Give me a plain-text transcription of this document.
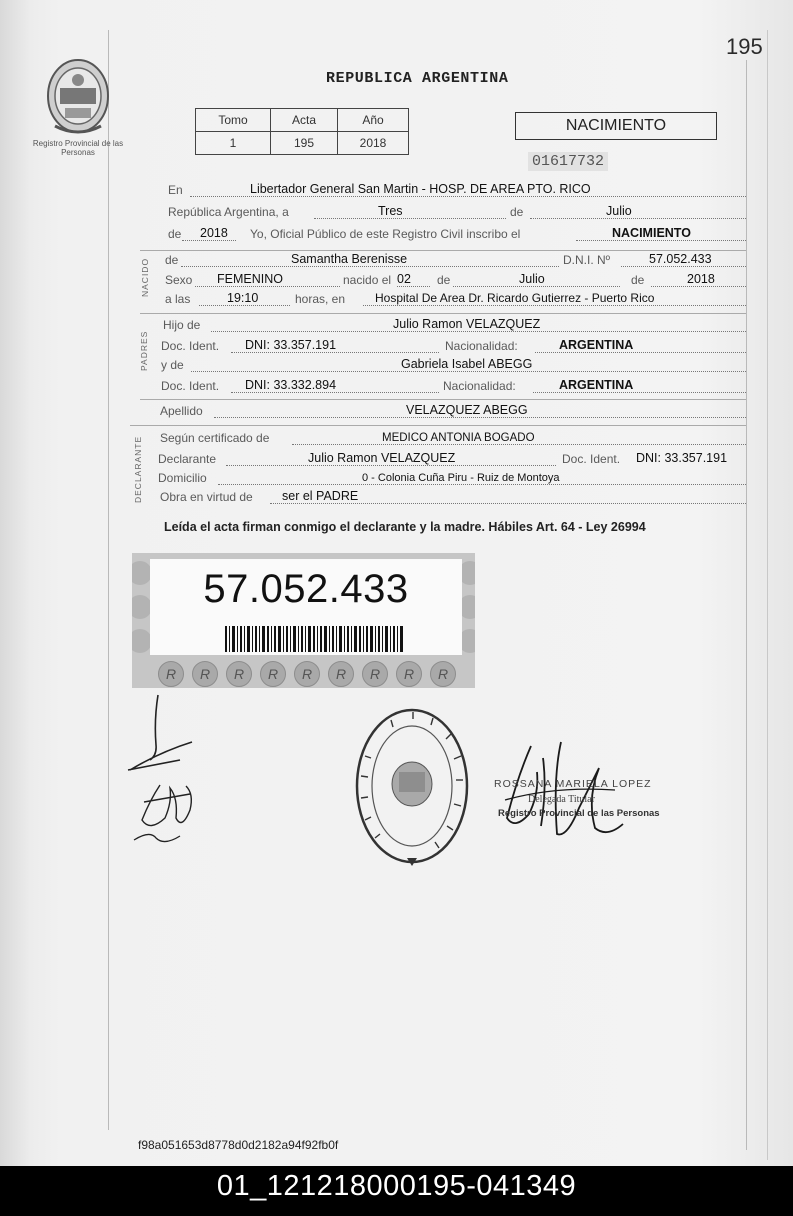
195
REPUBLICA ARGENTINA
Registro Provincial de las Personas
Tomo	Acta	Año
1	195	2018
NACIMIENTO
01617732
En	Libertador General San Martin - HOSP. DE AREA PTO. RICO
República Argentina, a	Tres	de	Julio
de 2018 Yo, Oficial Público de este Registro Civil inscribo el	NACIMIENTO
NACIDO de	Samantha Berenisse	D.N.I. Nº	57.052.433
Sexo FEMENINO	nacido el 02 de	Julio	de	2018
a las	19:10	horas, en Hospital De Area Dr. Ricardo Gutierrez - Puerto Rico
PADRES
Hijo de	Julio Ramon VELAZQUEZ
Doc. Ident. DNI: 33.357.191	Nacionalidad:	ARGENTINA
y de	Gabriela Isabel ABEGG
Doc. Ident. DNI: 33.332.894	Nacionalidad:	ARGENTINA
Apellido	VELAZQUEZ ABEGG
DECLARANTE Según certificado de	MEDICO ANTONIA BOGADO
Declarante	Julio Ramon VELAZQUEZ	Doc. Ident. DNI: 33.357.191
Domicilio	0 - Colonia Cuña Piru - Ruiz de Montoya
Obra en virtud de ser el PADRE
Leída el acta firman conmigo el declarante y la madre. Hábiles Art. 64 - Ley 26994
57.052.433
R	R	R	R	R	R	R	R	R
ROSSANA MARIELA LOPEZ
Delegada Titular
Registro Provincial de las Personas
f98a051653d8778d0d2182a94f92fb0f
01_121218000195-041349
